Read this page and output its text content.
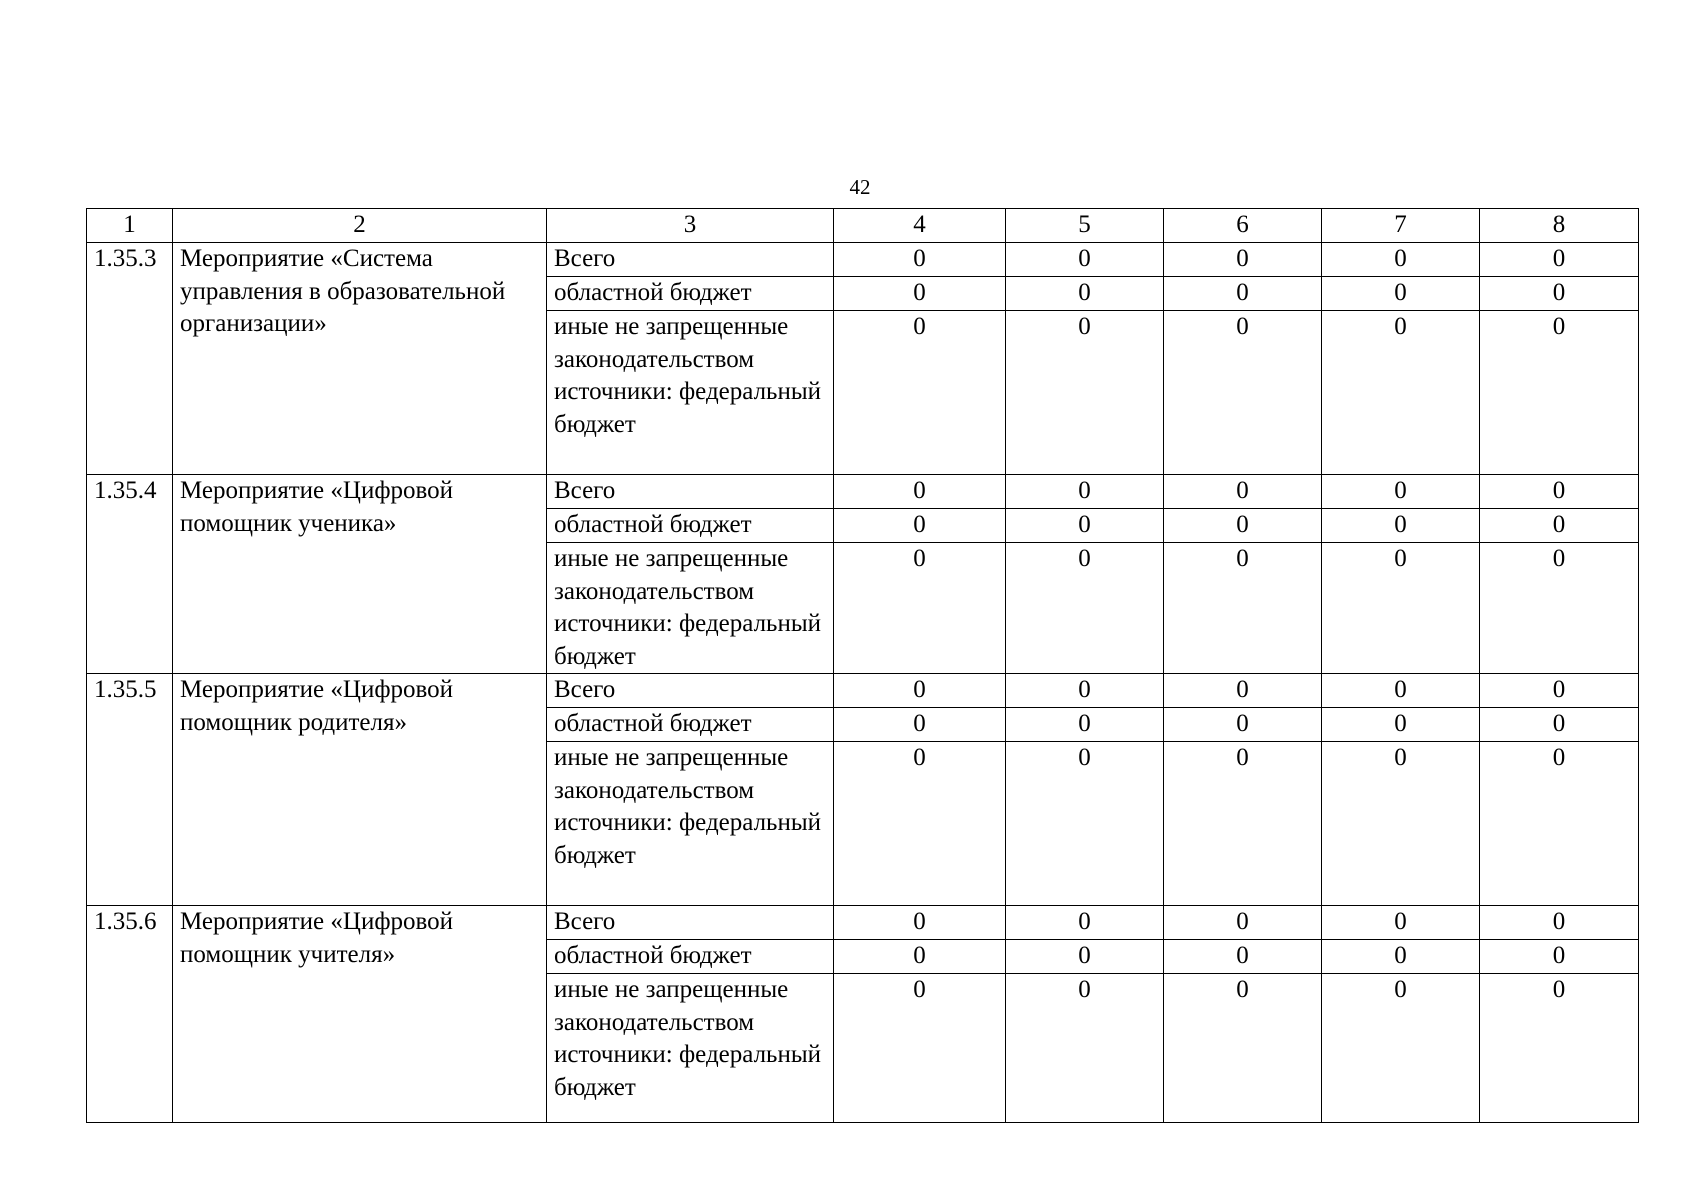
42
1	2	3	4	5	6	7	8
1.35.3	Мероприятие «Система управления в образовательной организации»	Всего	0	0	0	0	0
		областной бюджет	0	0	0	0	0
		иные не запрещенные законодательством источники: федеральный бюджет	0	0	0	0	0
1.35.4	Мероприятие «Цифровой помощник ученика»	Всего	0	0	0	0	0
		областной бюджет	0	0	0	0	0
		иные не запрещенные законодательством источники: федеральный бюджет	0	0	0	0	0
1.35.5	Мероприятие «Цифровой помощник родителя»	Всего	0	0	0	0	0
		областной бюджет	0	0	0	0	0
		иные не запрещенные законодательством источники: федеральный бюджет	0	0	0	0	0
1.35.6	Мероприятие «Цифровой помощник учителя»	Всего	0	0	0	0	0
		областной бюджет	0	0	0	0	0
		иные не запрещенные законодательством источники: федеральный бюджет	0	0	0	0	0
